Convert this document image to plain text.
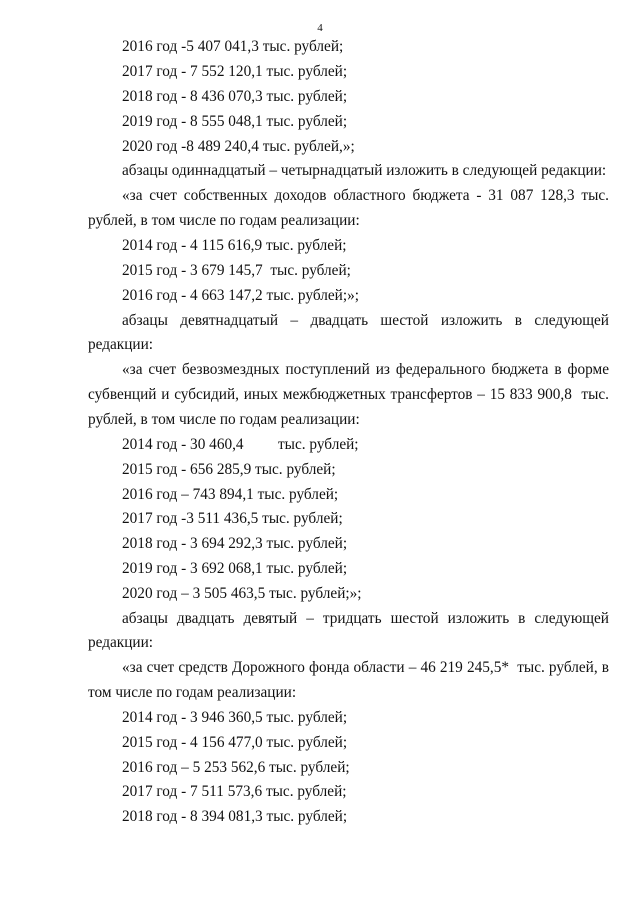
4
2016 год -5 407 041,3 тыс. рублей;
2017 год - 7 552 120,1 тыс. рублей;
2018 год - 8 436 070,3 тыс. рублей;
2019 год - 8 555 048,1 тыс. рублей;
2020 год -8 489 240,4 тыс. рублей,»;
абзацы одиннадцатый – четырнадцатый изложить в следующей редакции:
«за счет собственных доходов областного бюджета - 31 087 128,3 тыс.
рублей, в том числе по годам реализации:
2014 год - 4 115 616,9 тыс. рублей;
2015 год - 3 679 145,7  тыс. рублей;
2016 год - 4 663 147,2 тыс. рублей;»;
абзацы девятнадцатый – двадцать шестой изложить в следующей
редакции:
«за счет безвозмездных поступлений из федерального бюджета в форме
субвенций и субсидий, иных межбюджетных трансфертов – 15 833 900,8  тыс.
рублей, в том числе по годам реализации:
2014 год - 30 460,4         тыс. рублей;
2015 год - 656 285,9 тыс. рублей;
2016 год – 743 894,1 тыс. рублей;
2017 год -3 511 436,5 тыс. рублей;
2018 год - 3 694 292,3 тыс. рублей;
2019 год - 3 692 068,1 тыс. рублей;
2020 год – 3 505 463,5 тыс. рублей;»;
абзацы двадцать девятый – тридцать шестой изложить в следующей
редакции:
«за счет средств Дорожного фонда области – 46 219 245,5*  тыс. рублей, в
том числе по годам реализации:
2014 год - 3 946 360,5 тыс. рублей;
2015 год - 4 156 477,0 тыс. рублей;
2016 год – 5 253 562,6 тыс. рублей;
2017 год - 7 511 573,6 тыс. рублей;
2018 год - 8 394 081,3 тыс. рублей;
